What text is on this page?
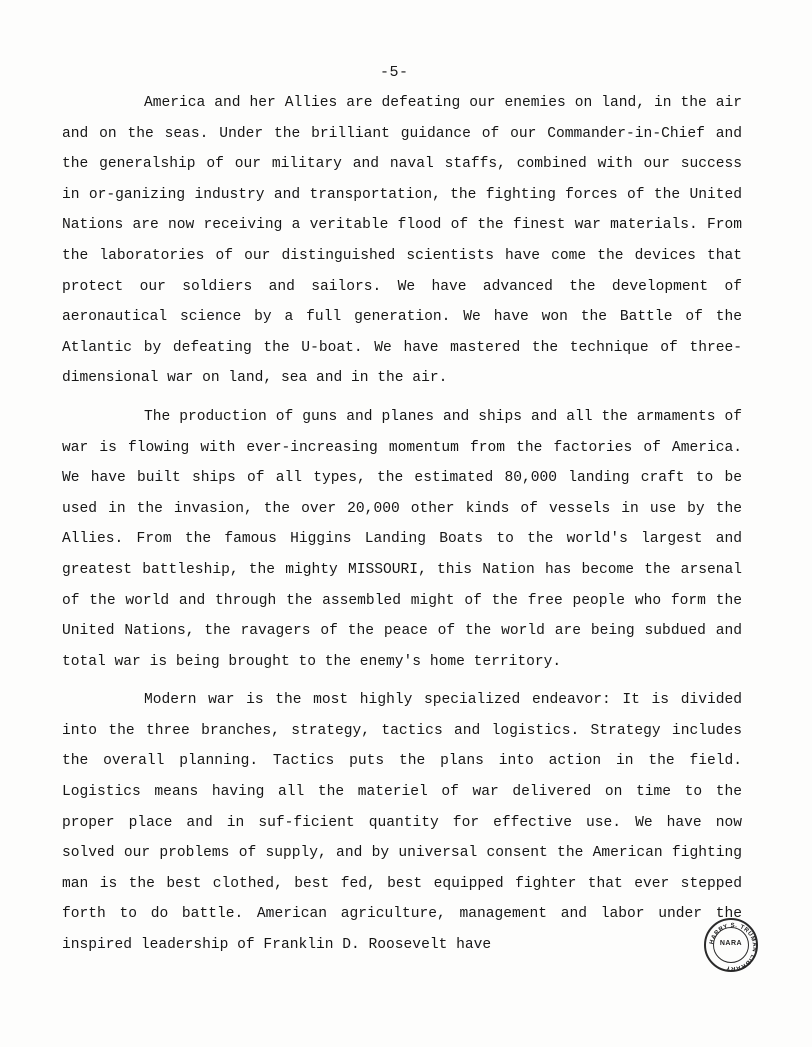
-5-

America and her Allies are defeating our enemies on land, in the air and on the seas. Under the brilliant guidance of our Commander-in-Chief and the generalship of our military and naval staffs, combined with our success in or-ganizing industry and transportation, the fighting forces of the United Nations are now receiving a veritable flood of the finest war materials. From the laboratories of our distinguished scientists have come the devices that protect our soldiers and sailors. We have advanced the development of aeronautical science by a full generation. We have won the Battle of the Atlantic by defeating the U-boat. We have mastered the technique of three-dimensional war on land, sea and in the air.

The production of guns and planes and ships and all the armaments of war is flowing with ever-increasing momentum from the factories of America. We have built ships of all types, the estimated 80,000 landing craft to be used in the invasion, the over 20,000 other kinds of vessels in use by the Allies. From the famous Higgins Landing Boats to the world's largest and greatest battleship, the mighty MISSOURI, this Nation has become the arsenal of the world and through the assembled might of the free people who form the United Nations, the ravagers of the peace of the world are being subdued and total war is being brought to the enemy's home territory.

Modern war is the most highly specialized endeavor: It is divided into the three branches, strategy, tactics and logistics. Strategy includes the overall planning. Tactics puts the plans into action in the field. Logistics means having all the materiel of war delivered on time to the proper place and in suf-ficient quantity for effective use. We have now solved our problems of supply, and by universal consent the American fighting man is the best clothed, best fed, best equipped fighter that ever stepped forth to do battle. American agriculture, management and labor under the inspired leadership of Franklin D. Roosevelt have	HARRY S. TRUMAN LIBRARY
NARA
